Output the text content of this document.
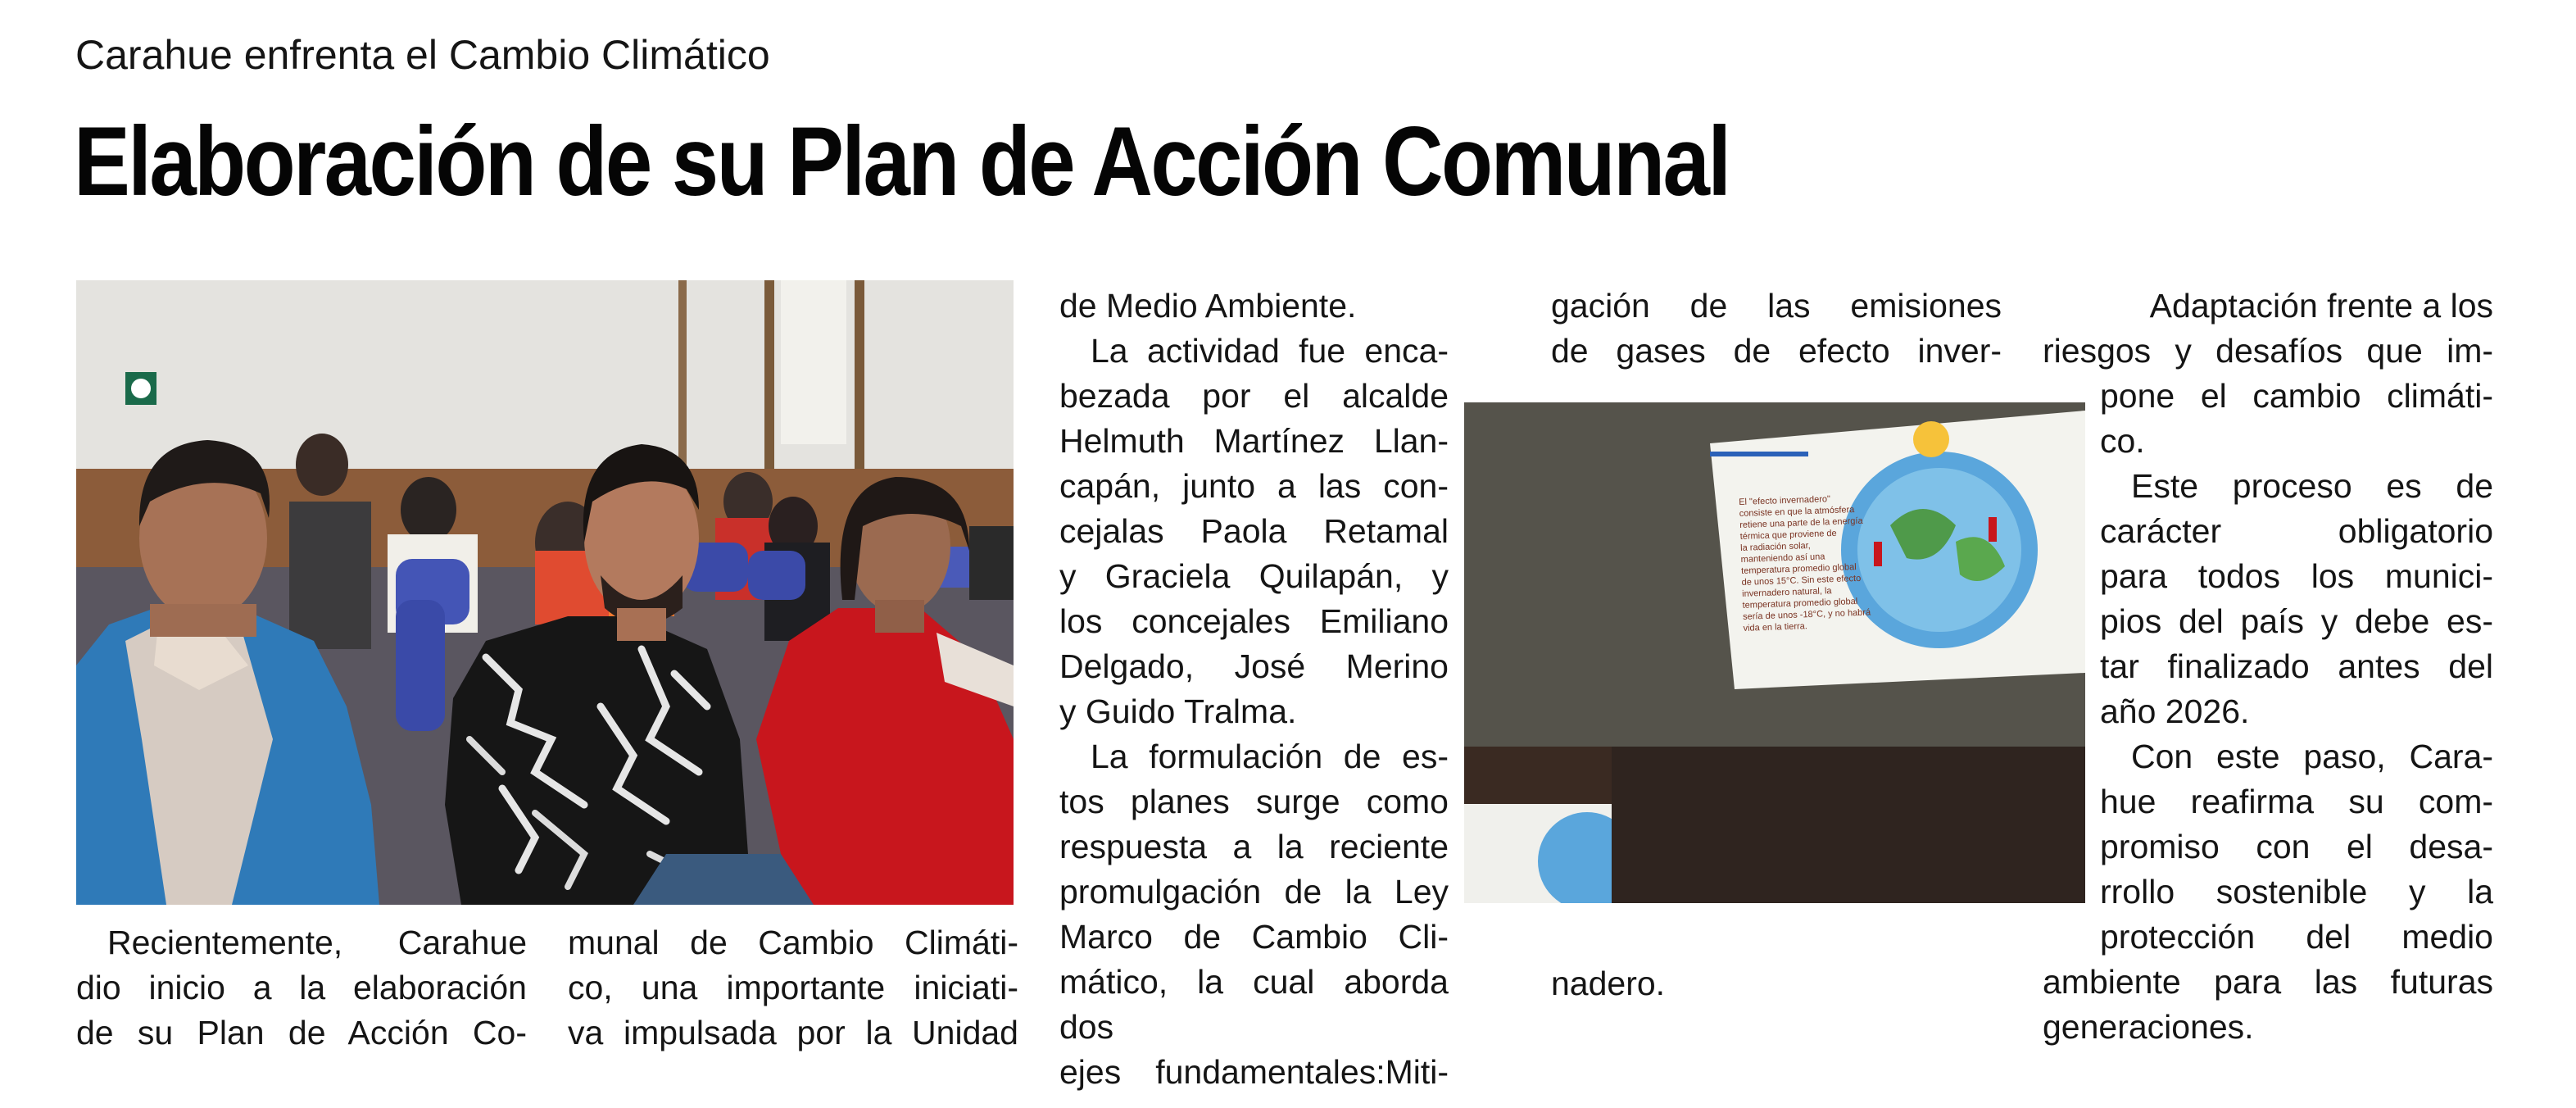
Carahue enfrenta el Cambio Climático
Elaboración de su Plan de Acción Comunal
El "efecto invernadero"
consiste en que la atmósfera
retiene una parte de la energía
térmica que proviene de
la radiación solar,
manteniendo así una
temperatura promedio global
de unos 15°C. Sin este efecto
invernadero natural, la
temperatura promedio global
sería de unos -18°C, y no habrá
vida en la tierra.

Recientemente, Carahue

dio inicio a la elaboración

de su Plan de Acción Co-

munal de Cambio Climáti-

co, una importante iniciati-

va impulsada por la Unidad

de Medio Ambiente.

La actividad fue enca-

bezada por el alcalde

Helmuth Martínez Llan-

capán, junto a las con-

cejalas Paola Retamal

y Graciela Quilapán, y

los concejales Emiliano

Delgado, José Merino

y Guido Tralma.

La formulación de es-

tos planes surge como

respuesta a la reciente

promulgación de la Ley

Marco de Cambio Cli-

mático, la cual aborda dos

ejes fundamentales:Miti-

gación de las emisiones

de gases de efecto inver-

nadero.

Adaptación frente a los

riesgos y desafíos que im-

pone el cambio climáti-

co.

Este proceso es de

carácter obligatorio

para todos los munici-

pios del país y debe es-

tar finalizado antes del

año 2026.

Con este paso, Cara-

hue reafirma su com-

promiso con el desa-

rrollo sostenible y la

protección del medio

ambiente para las futuras

generaciones.
